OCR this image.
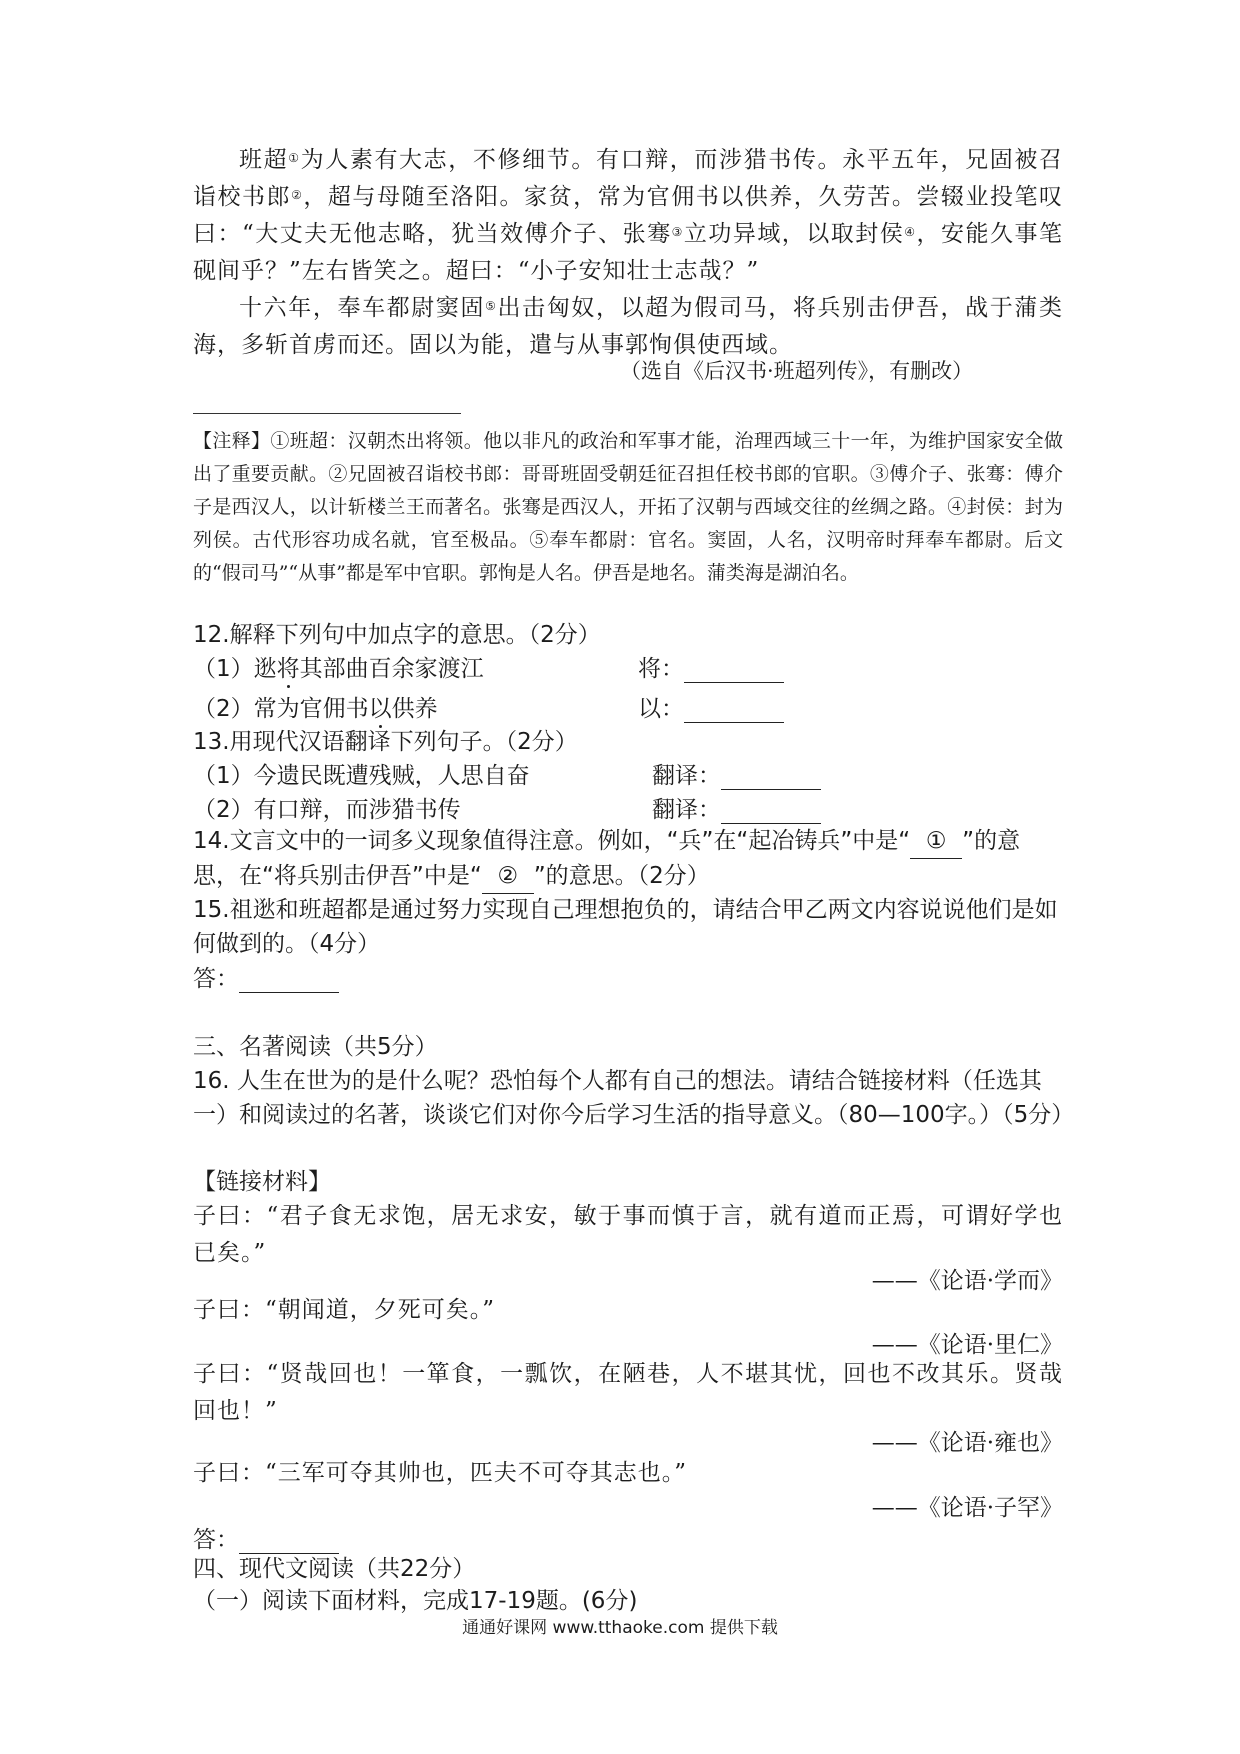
班超①为人素有大志，不修细节。有口辩，而涉猎书传。永平五年，兄固被召诣校书郎②，超与母随至洛阳。家贫，常为官佣书以供养，久劳苦。尝辍业投笔叹曰：“大丈夫无他志略，犹当效傅介子、张骞③立功异域，以取封侯④，安能久事笔砚间乎？”左右皆笑之。超曰：“小子安知壮士志哉？”

十六年，奉车都尉窦固⑤出击匈奴，以超为假司马，将兵别击伊吾，战于蒲类海，多斩首虏而还。固以为能，遣与从事郭恂俱使西域。

（选自《后汉书·班超列传》，有删改）
【注释】①班超：汉朝杰出将领。他以非凡的政治和军事才能，治理西域三十一年，为维护国家安全做出了重要贡献。②兄固被召诣校书郎：哥哥班固受朝廷征召担任校书郎的官职。③傅介子、张骞：傅介子是西汉人，以计斩楼兰王而著名。张骞是西汉人，开拓了汉朝与西域交往的丝绸之路。④封侯：封为列侯。古代形容功成名就，官至极品。⑤奉车都尉：官名。窦固，人名，汉明帝时拜奉车都尉。后文的“假司马”“从事”都是军中官职。郭恂是人名。伊吾是地名。蒲类海是湖泊名。
12.解释下列句中加点字的意思。（2分）
（1）逖将其部曲百余家渡江	将：
（2）常为官佣书以供养	以：
13.用现代汉语翻译下列句子。（2分）
（1）今遗民既遭残贼，人思自奋	翻译：
（2）有口辩，而涉猎书传	翻译：
14.文言文中的一词多义现象值得注意。例如，“兵”在“起冶铸兵”中是“ ① ”的意思，在“将兵别击伊吾”中是“ ② ”的意思。（2分）
15.祖逖和班超都是通过努力实现自己理想抱负的，请结合甲乙两文内容说说他们是如何做到的。（4分）
答：
三、名著阅读（共5分）
16. 人生在世为的是什么呢？恐怕每个人都有自己的想法。请结合链接材料（任选其一）和阅读过的名著，谈谈它们对你今后学习生活的指导意义。（80—100字。）（5分）
【链接材料】
子曰：“君子食无求饱，居无求安，敏于事而慎于言，就有道而正焉，可谓好学也已矣。”
——《论语·学而》
子曰：“朝闻道，夕死可矣。”
——《论语·里仁》
子曰：“贤哉回也！一箪食，一瓢饮，在陋巷，人不堪其忧，回也不改其乐。贤哉回也！”
——《论语·雍也》
子曰：“三军可夺其帅也，匹夫不可夺其志也。”
——《论语·子罕》
答：
四、现代文阅读（共22分）
（一）阅读下面材料，完成17-19题。(6分)
通通好课网 www.tthaoke.com 提供下载
